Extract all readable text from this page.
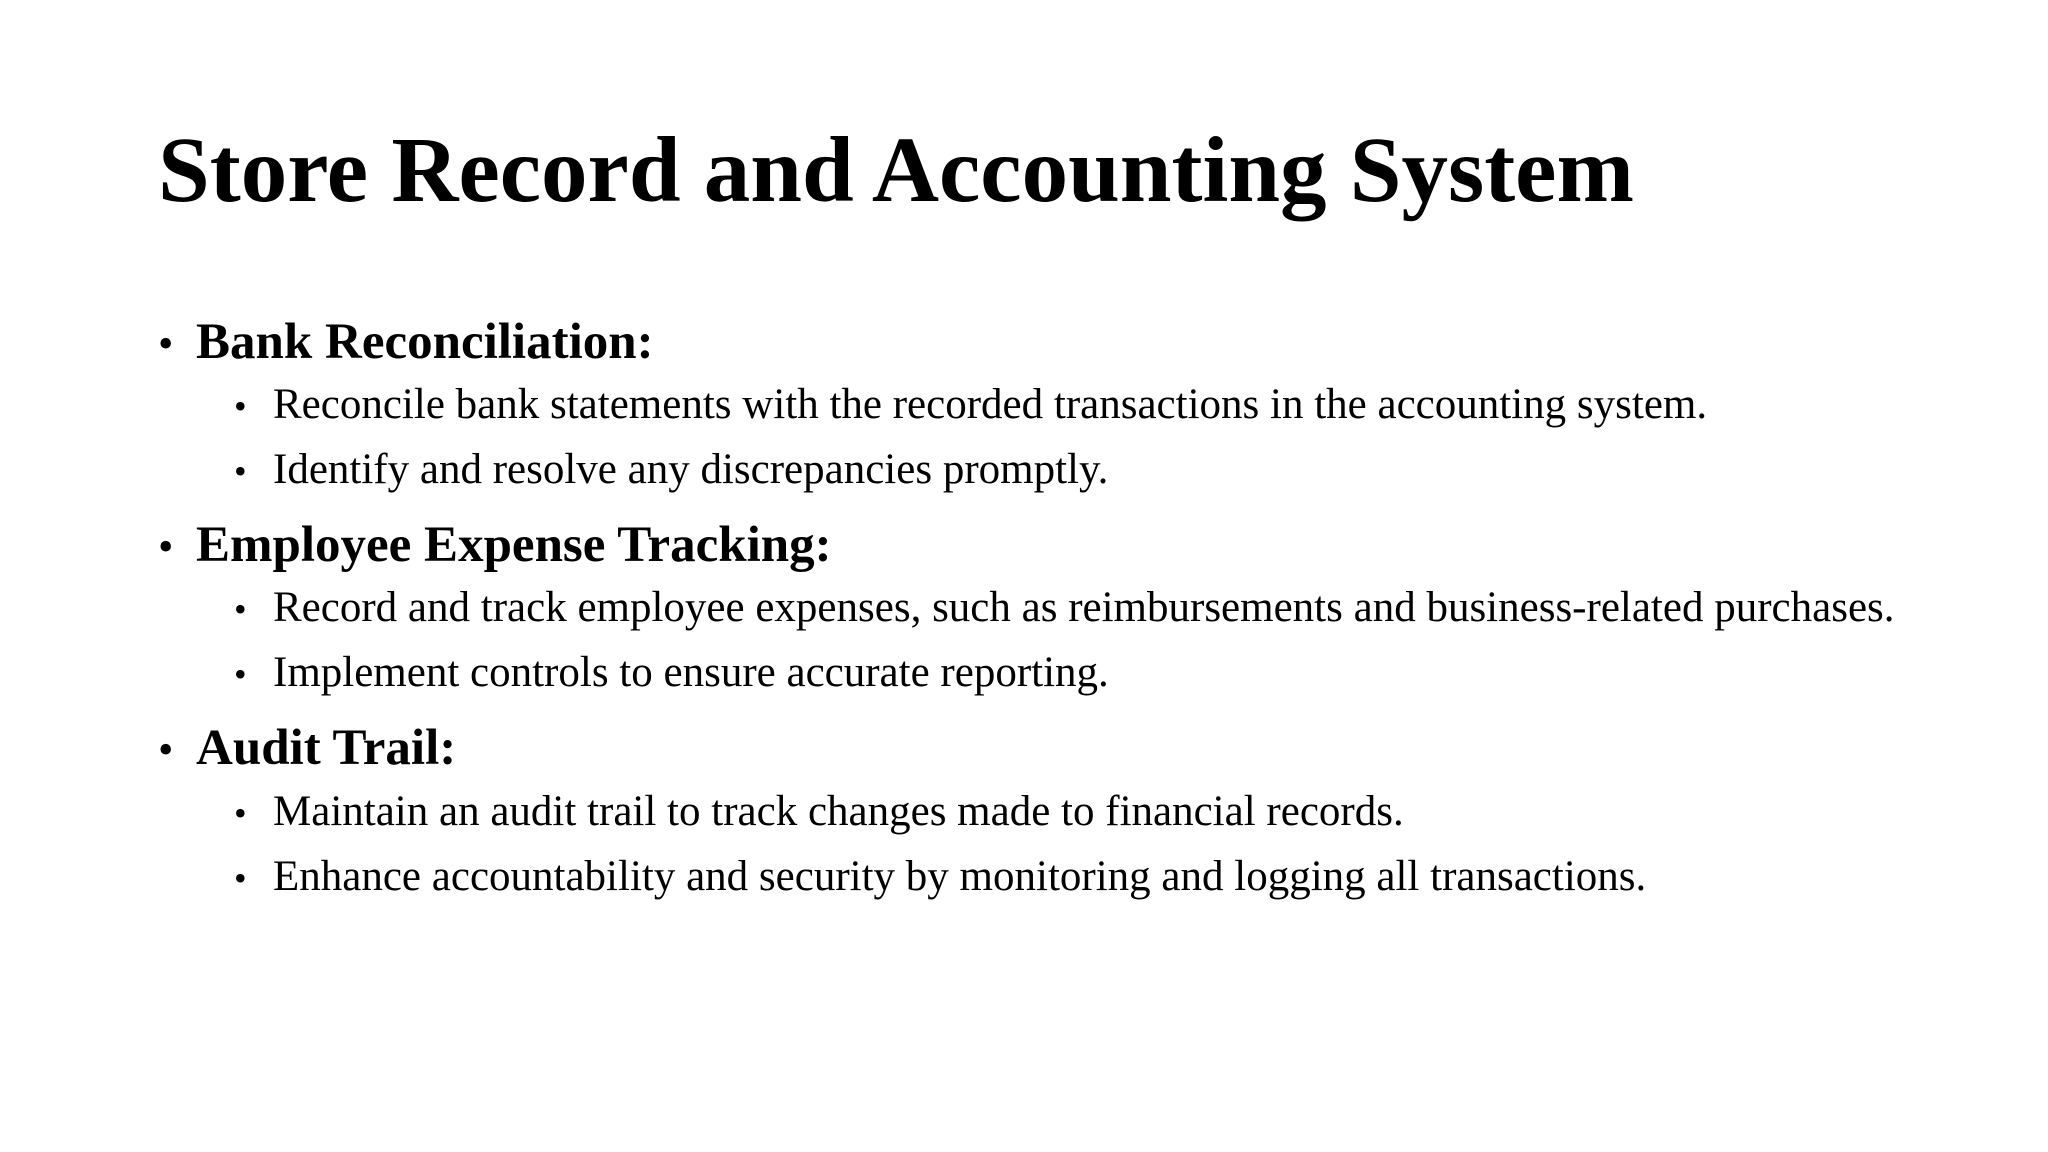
Store Record and Accounting System
• Bank Reconciliation:
• Reconcile bank statements with the recorded transactions in the accounting system.
• Identify and resolve any discrepancies promptly.
• Employee Expense Tracking:
• Record and track employee expenses, such as reimbursements and business-related purchases.
• Implement controls to ensure accurate reporting.
• Audit Trail:
• Maintain an audit trail to track changes made to financial records.
• Enhance accountability and security by monitoring and logging all transactions.
